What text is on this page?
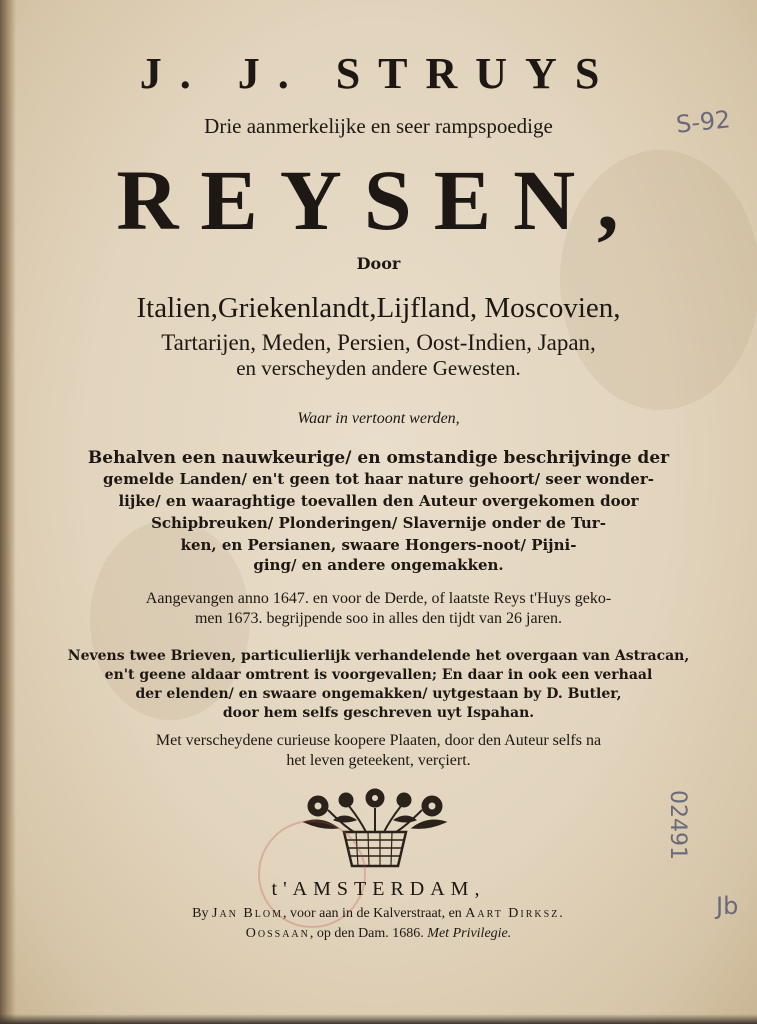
J. J. STRUYS
Drie aanmerkelijke en seer rampspoedige
REYSEN,
Door
Italien,Griekenlandt,Lijfland, Moscovien,
Tartarijen, Meden, Persien, Oost-Indien, Japan,
en verscheyden andere Gewesten.
Waar in vertoont werden,
Behalven een nauwkeurige/ en omstandige beschrijvinge der
gemelde Landen/ en't geen tot haar nature gehoort/ seer wonder-
lijke/ en waaraghtige toevallen den Auteur overgekomen door
Schipbreuken/ Plonderingen/ Slavernije onder de Tur-
ken, en Persianen, swaare Hongers-noot/ Pijni-
ging/ en andere ongemakken.
Aangevangen anno 1647. en voor de Derde, of laatste Reys t'Huys geko-
men 1673. begrijpende soo in alles den tijdt van 26 jaren.
Nevens twee Brieven, particulierlijk verhandelende het overgaan van Astracan,
en't geene aldaar omtrent is voorgevallen; En daar in ook een verhaal
der elenden/ en swaare ongemakken/ uytgestaan by D. Butler,
door hem selfs geschreven uyt Ispahan.
Met verscheydene curieuse koopere Plaaten, door den Auteur selfs na
het leven geteekent, verçiert.
t'AMSTERDAM,
By Jan Blom, voor aan in de Kalverstraat, en Aart Dirksz.
Oossaan, op den Dam. 1686. Met Privilegie.
S-92
02491
Jb
